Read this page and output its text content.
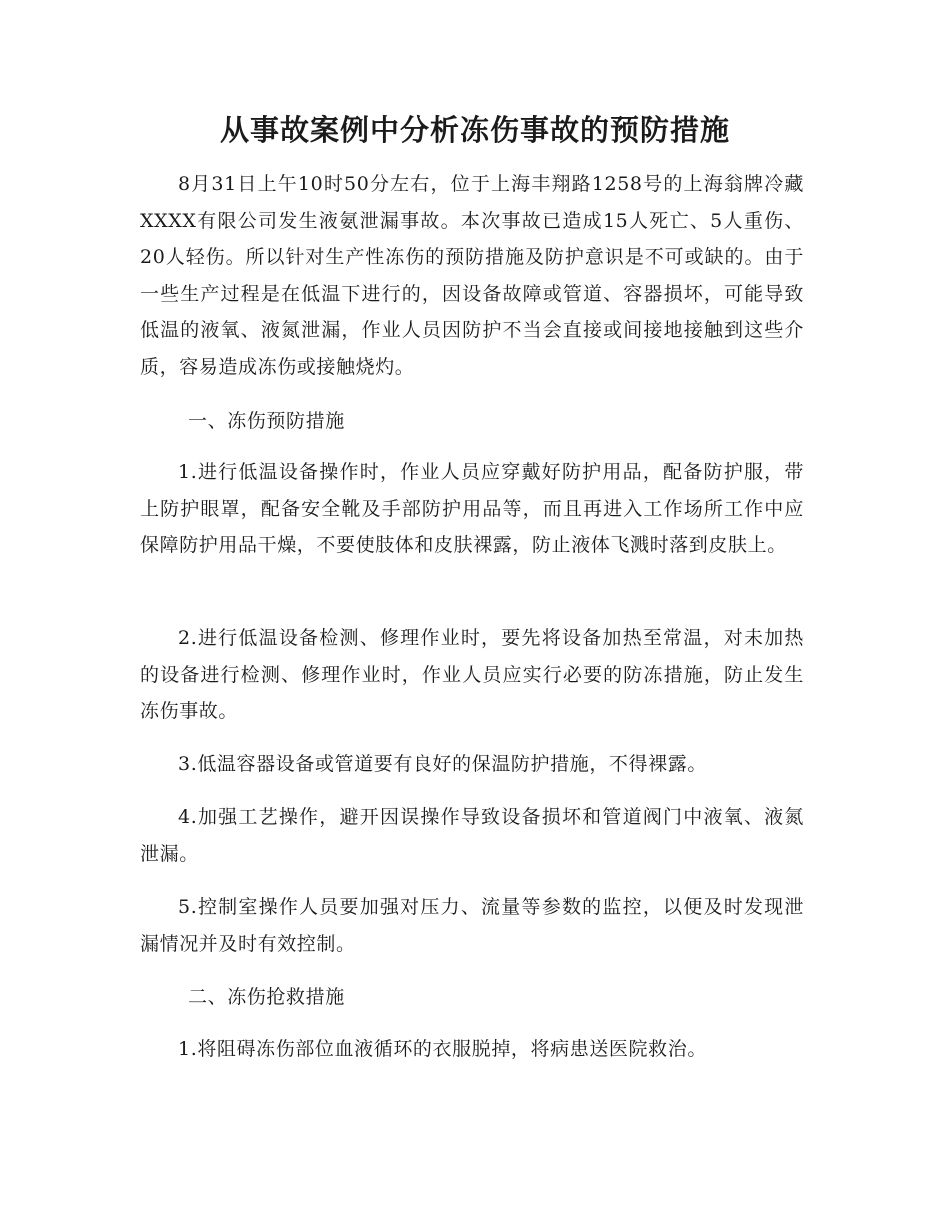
从事故案例中分析冻伤事故的预防措施
8月31日上午10时50分左右，位于上海丰翔路1258号的上海翁牌冷藏XXXX有限公司发生液氨泄漏事故。本次事故已造成15人死亡、5人重伤、20人轻伤。所以针对生产性冻伤的预防措施及防护意识是不可或缺的。由于一些生产过程是在低温下进行的，因设备故障或管道、容器损坏，可能导致低温的液氧、液氮泄漏，作业人员因防护不当会直接或间接地接触到这些介质，容易造成冻伤或接触烧灼。
一、冻伤预防措施
1.进行低温设备操作时，作业人员应穿戴好防护用品，配备防护服，带上防护眼罩，配备安全靴及手部防护用品等，而且再进入工作场所工作中应保障防护用品干燥，不要使肢体和皮肤裸露，防止液体飞溅时落到皮肤上。
2.进行低温设备检测、修理作业时，要先将设备加热至常温，对未加热的设备进行检测、修理作业时，作业人员应实行必要的防冻措施，防止发生冻伤事故。
3.低温容器设备或管道要有良好的保温防护措施，不得裸露。
4.加强工艺操作，避开因误操作导致设备损坏和管道阀门中液氧、液氮泄漏。
5.控制室操作人员要加强对压力、流量等参数的监控，以便及时发现泄漏情况并及时有效控制。
二、冻伤抢救措施
1.将阻碍冻伤部位血液循环的衣服脱掉，将病患送医院救治。
